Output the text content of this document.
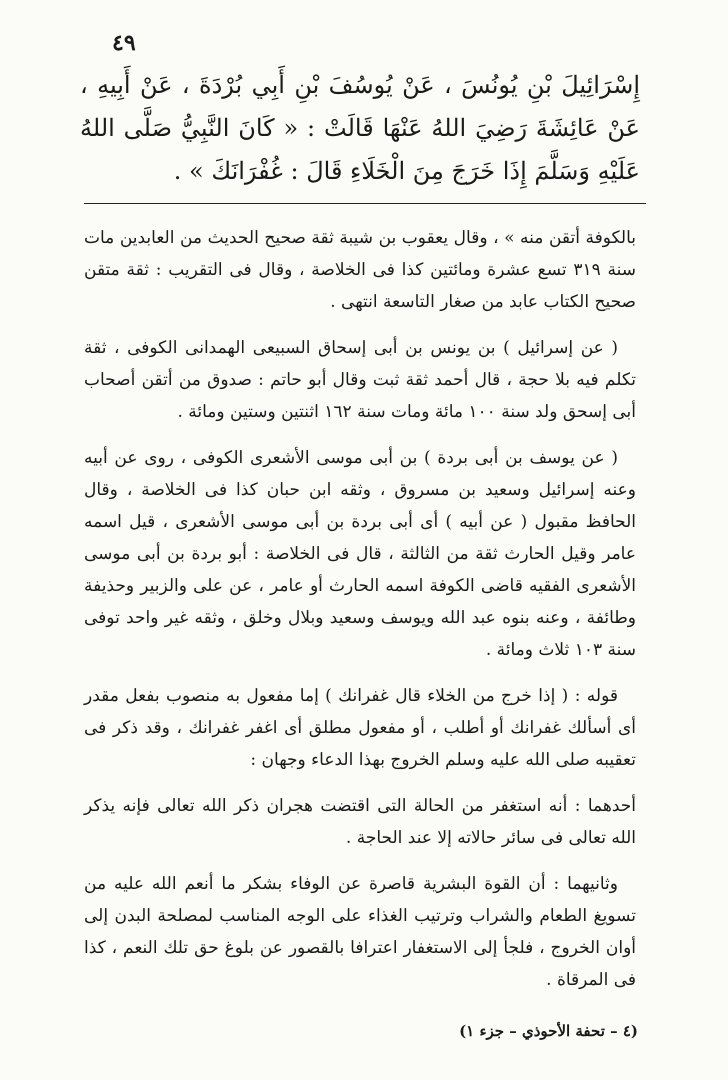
٤٩

إِسْرَائِيلَ بْنِ يُونُسَ ، عَنْ يُوسُفَ بْنِ أَبِي بُرْدَةَ ، عَنْ أَبِيهِ ، عَنْ عَائِشَةَ رَضِيَ اللهُ عَنْهَا قَالَتْ : « كَانَ النَّبِيُّ صَلَّى اللهُ عَلَيْهِ وَسَلَّمَ إِذَا خَرَجَ مِنَ الْخَلَاءِ قَالَ : غُفْرَانَكَ » .

بالكوفة أتقن منه » ، وقال يعقوب بن شيبة ثقة صحيح الحديث من العابدين مات سنة ٣١٩ تسع عشرة ومائتين كذا فى الخلاصة ، وقال فى التقريب : ثقة متقن صحيح الكتاب عابد من صغار التاسعة انتهى .

( عن إسرائيل ) بن يونس بن أبى إسحاق السبيعى الهمدانى الكوفى ، ثقة تكلم فيه بلا حجة ، قال أحمد ثقة ثبت وقال أبو حاتم : صدوق من أتقن أصحاب أبى إسحق ولد سنة ١٠٠ مائة ومات سنة ١٦٢ اثنتين وستين ومائة .

( عن يوسف بن أبى بردة ) بن أبى موسى الأشعرى الكوفى ، روى عن أبيه وعنه إسرائيل وسعيد بن مسروق ، وثقه ابن حبان كذا فى الخلاصة ، وقال الحافظ مقبول ( عن أبيه ) أى أبى بردة بن أبى موسى الأشعرى ، قيل اسمه عامر وقيل الحارث ثقة من الثالثة ، قال فى الخلاصة : أبو بردة بن أبى موسى الأشعرى الفقيه قاضى الكوفة اسمه الحارث أو عامر ، عن على والزبير وحذيفة وطائفة ، وعنه بنوه عبد الله ويوسف وسعيد وبلال وخلق ، وثقه غير واحد توفى سنة ١٠٣ ثلاث ومائة .

قوله : ( إذا خرج من الخلاء قال غفرانك ) إما مفعول به منصوب بفعل مقدر أى أسألك غفرانك أو أطلب ، أو مفعول مطلق أى اغفر غفرانك ، وقد ذكر فى تعقيبه صلى الله عليه وسلم الخروج بهذا الدعاء وجهان :

أحدهما : أنه استغفر من الحالة التى اقتضت هجران ذكر الله تعالى فإنه يذكر الله تعالى فى سائر حالاته إلا عند الحاجة .

وثانيهما : أن القوة البشرية قاصرة عن الوفاء بشكر ما أنعم الله عليه من تسويغ الطعام والشراب وترتيب الغذاء على الوجه المناسب لمصلحة البدن إلى أوان الخروج ، فلجأ إلى الاستغفار اعترافا بالقصور عن بلوغ حق تلك النعم ، كذا فى المرقاة .

(٤ – تحفة الأحوذي – جزء ١)
